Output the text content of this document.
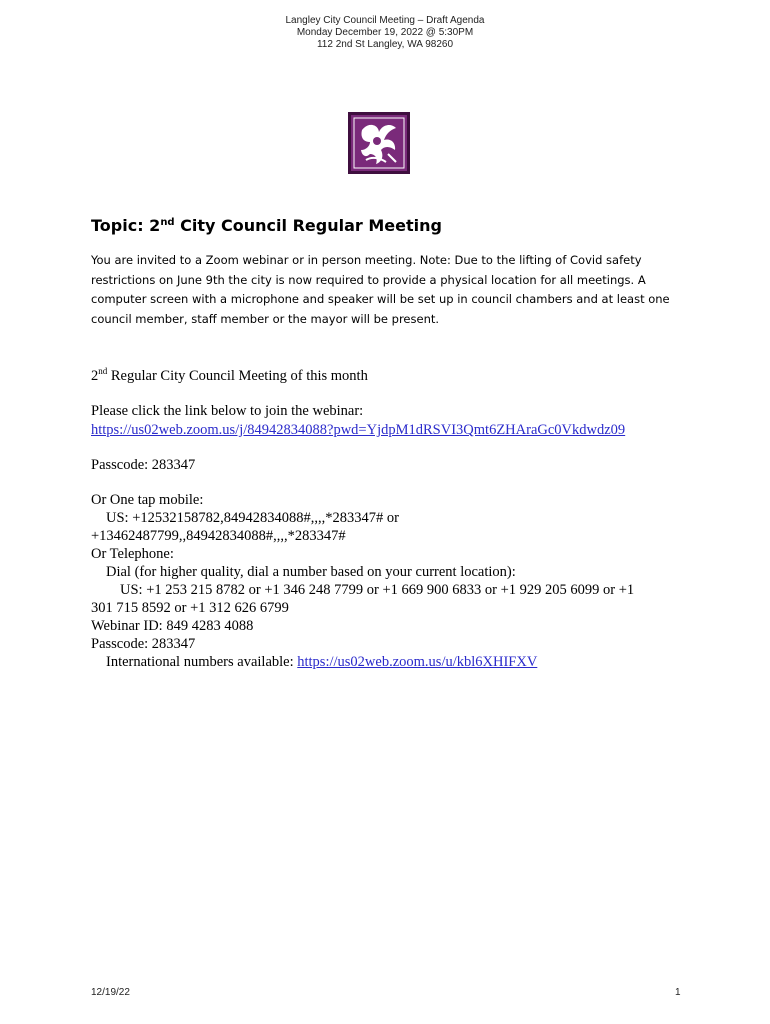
Langley City Council Meeting – Draft Agenda
Monday December 19, 2022 @ 5:30PM
112 2nd St Langley, WA 98260
Topic: 2nd City Council Regular Meeting
You are invited to a Zoom webinar or in person meeting. Note: Due to the lifting of Covid safety
restrictions on June 9th the city is now required to provide a physical location for all meetings. A
computer screen with a microphone and speaker will be set up in council chambers and at least one
council member, staff member or the mayor will be present.
2nd Regular City Council Meeting of this month
Please click the link below to join the webinar:
https://us02web.zoom.us/j/84942834088?pwd=YjdpM1dRSVI3Qmt6ZHAraGc0Vkdwdz09
Passcode: 283347
Or One tap mobile:
US: +12532158782,84942834088#,,,,*283347# or
+13462487799,,84942834088#,,,,*283347#
Or Telephone:
Dial (for higher quality, dial a number based on your current location):
US: +1 253 215 8782 or +1 346 248 7799 or +1 669 900 6833 or +1 929 205 6099 or +1
301 715 8592 or +1 312 626 6799
Webinar ID: 849 4283 4088
Passcode: 283347
International numbers available: https://us02web.zoom.us/u/kbl6XHIFXV
12/19/22	1
